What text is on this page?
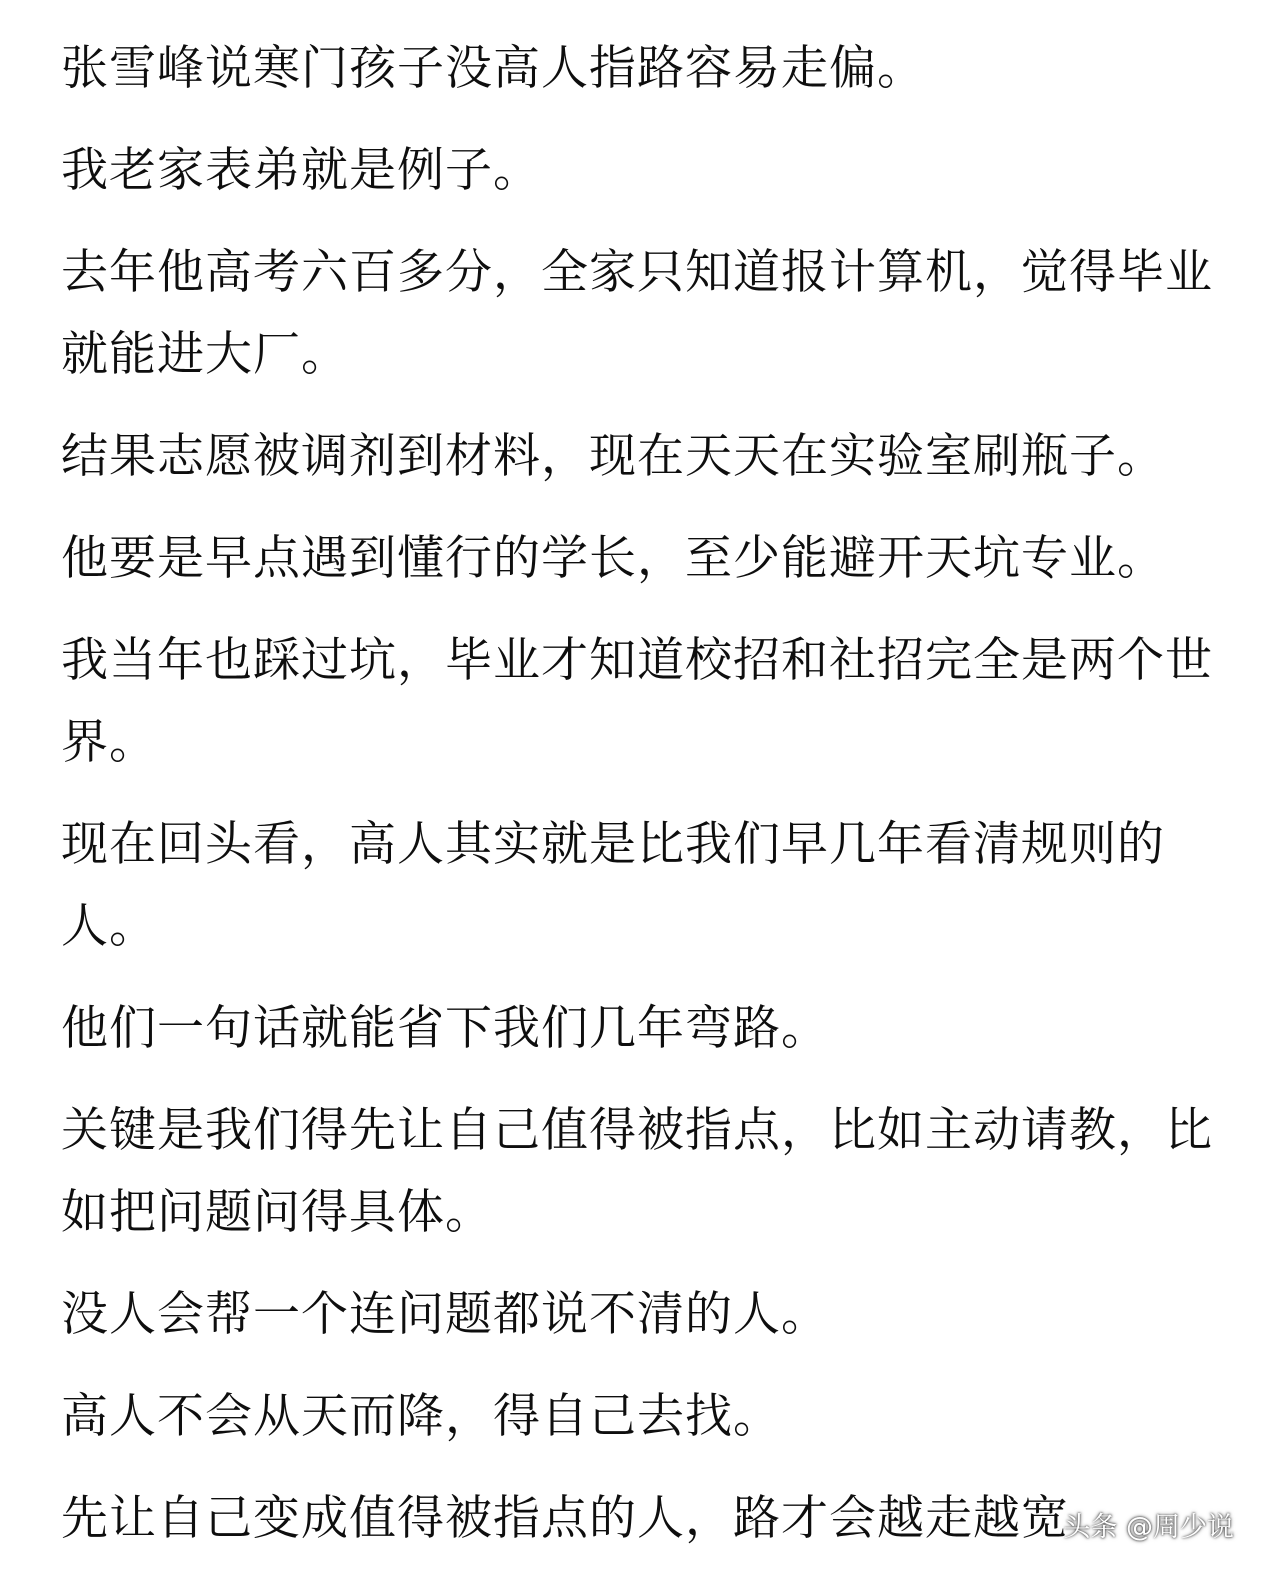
张雪峰说寒门孩子没高人指路容易走偏。

我老家表弟就是例子。

去年他高考六百多分，全家只知道报计算机，觉得毕业就能进大厂。

结果志愿被调剂到材料，现在天天在实验室刷瓶子。

他要是早点遇到懂行的学长，至少能避开天坑专业。

我当年也踩过坑，毕业才知道校招和社招完全是两个世界。

现在回头看，高人其实就是比我们早几年看清规则的人。

他们一句话就能省下我们几年弯路。

关键是我们得先让自己值得被指点，比如主动请教，比如把问题问得具体。

没人会帮一个连问题都说不清的人。

高人不会从天而降，得自己去找。

先让自己变成值得被指点的人，路才会越走越宽

头条 @周少说
